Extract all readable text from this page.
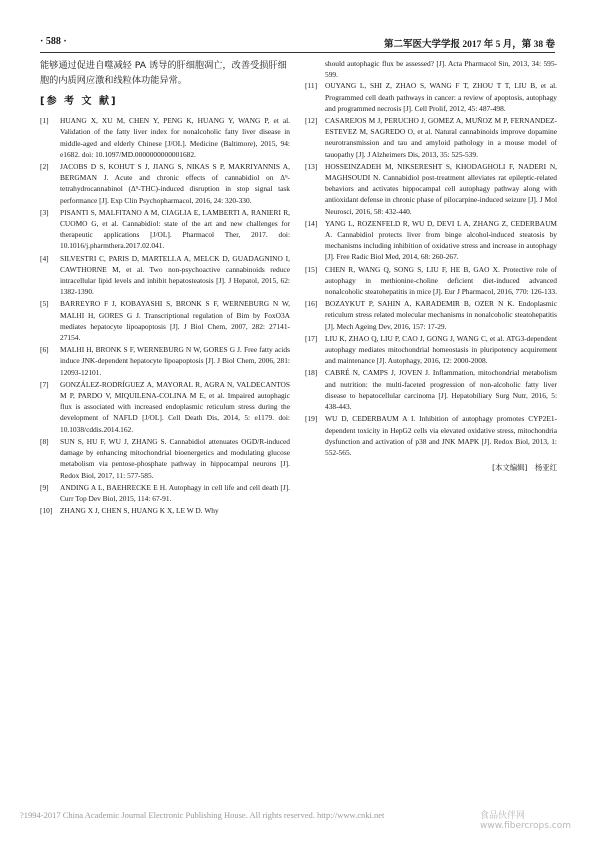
· 588 ·	第二军医大学学报 2017 年 5 月，第 38 卷

能够通过促进自噬减轻 PA 诱导的肝细胞凋亡，改善受损肝细胞的内质网应激和线粒体功能异常。

[参 考 文 献]
[1]	HUANG X, XU M, CHEN Y, PENG K, HUANG Y, WANG P, et al. Validation of the fatty liver index for nonalcoholic fatty liver disease in middle-aged and elderly Chinese [J/OL]. Medicine (Baltimore), 2015, 94: e1682. doi: 10.1097/MD.0000000000001682.
[2]	JACOBS D S, KOHUT S J, JIANG S, NIKAS S P, MAKRIYANNIS A, BERGMAN J. Acute and chronic effects of cannabidiol on Δ⁹-tetrahydrocannabinol (Δ⁹-THC)-induced disruption in stop signal task performance [J]. Exp Clin Psychopharmacol, 2016, 24: 320-330.
[3]	PISANTI S, MALFITANO A M, CIAGLIA E, LAMBERTI A, RANIERI R, CUOMO G, et al. Cannabidiol: state of the art and new challenges for therapeutic applications [J/OL]. Pharmacol Ther, 2017. doi: 10.1016/j.pharmthera.2017.02.041.
[4]	SILVESTRI C, PARIS D, MARTELLA A, MELCK D, GUADAGNINO I, CAWTHORNE M, et al. Two non-psychoactive cannabinoids reduce intracellular lipid levels and inhibit hepatosteatosis [J]. J Hepatol, 2015, 62: 1382-1390.
[5]	BARREYRO F J, KOBAYASHI S, BRONK S F, WERNEBURG N W, MALHI H, GORES G J. Transcriptional regulation of Bim by FoxO3A mediates hepatocyte lipoapoptosis [J]. J Biol Chem, 2007, 282: 27141-27154.
[6]	MALHI H, BRONK S F, WERNEBURG N W, GORES G J. Free fatty acids induce JNK-dependent hepatocyte lipoapoptosis [J]. J Biol Chem, 2006, 281: 12093-12101.
[7]	GONZÁLEZ-RODRÍGUEZ A, MAYORAL R, AGRA N, VALDECANTOS M P, PARDO V, MIQUILENA-COLINA M E, et al. Impaired autophagic flux is associated with increased endoplasmic reticulum stress during the development of NAFLD [J/OL]. Cell Death Dis, 2014, 5: e1179. doi: 10.1038/cddis.2014.162.
[8]	SUN S, HU F, WU J, ZHANG S. Cannabidiol attenuates OGD/R-induced damage by enhancing mitochondrial bioenergetics and modulating glucose metabolism via pentose-phosphate pathway in hippocampal neurons [J]. Redox Biol, 2017, 11: 577-585.
[9]	ANDING A L, BAEHRECKE E H. Autophagy in cell life and cell death [J]. Curr Top Dev Biol, 2015, 114: 67-91.
[10]	ZHANG X J, CHEN S, HUANG K X, LE W D. Why

should autophagic flux be assessed? [J]. Acta Pharmacol Sin, 2013, 34: 595-599.

[11]	OUYANG L, SHI Z, ZHAO S, WANG F T, ZHOU T T, LIU B, et al. Programmed cell death pathways in cancer: a review of apoptosis, autophagy and programmed necrosis [J]. Cell Prolif, 2012, 45: 487-498.
[12]	CASAREJOS M J, PERUCHO J, GOMEZ A, MUÑOZ M P, FERNANDEZ-ESTEVEZ M, SAGREDO O, et al. Natural cannabinoids improve dopamine neurotransmission and tau and amyloid pathology in a mouse model of tauopathy [J]. J Alzheimers Dis, 2013, 35: 525-539.
[13]	HOSSEINZADEH M, NIKSERESHT S, KHODAGHOLI F, NADERI N, MAGHSOUDI N. Cannabidiol post-treatment alleviates rat epileptic-related behaviors and activates hippocampal cell autophagy pathway along with antioxidant defense in chronic phase of pilocarpine-induced seizure [J]. J Mol Neurosci, 2016, 58: 432-440.
[14]	YANG L, ROZENFELD R, WU D, DEVI L A, ZHANG Z, CEDERBAUM A. Cannabidiol protects liver from binge alcohol-induced steatosis by mechanisms including inhibition of oxidative stress and increase in autophagy [J]. Free Radic Biol Med, 2014, 68: 260-267.
[15]	CHEN R, WANG Q, SONG S, LIU F, HE B, GAO X. Protective role of autophagy in methionine-choline deficient diet-induced advanced nonalcoholic steatohepatitis in mice [J]. Eur J Pharmacol, 2016, 770: 126-133.
[16]	BOZAYKUT P, SAHIN A, KARADEMIR B, OZER N K. Endoplasmic reticulum stress related molecular mechanisms in nonalcoholic steatohepatitis [J]. Mech Ageing Dev, 2016, 157: 17-29.
[17]	LIU K, ZHAO Q, LIU P, CAO J, GONG J, WANG C, et al. ATG3-dependent autophagy mediates mitochondrial homeostasis in pluripotency acquirement and maintenance [J]. Autophagy, 2016, 12: 2000-2008.
[18]	CABRÉ N, CAMPS J, JOVEN J. Inflammation, mitochondrial metabolism and nutrition: the multi-faceted progression of non-alcoholic fatty liver disease to hepatocellular carcinoma [J]. Hepatobiliary Surg Nutr, 2016, 5: 438-443.
[19]	WU D, CEDERBAUM A I. Inhibition of autophagy promotes CYP2E1-dependent toxicity in HepG2 cells via elevated oxidative stress, mitochondria dysfunction and activation of p38 and JNK MAPK [J]. Redox Biol, 2013, 1: 552-565.
[本文编辑]　杨亚红
?1994-2017 China Academic Journal Electronic Publishing House. All rights reserved. http://www.cnki.net	食品伙伴网 www.fibercrops.com
